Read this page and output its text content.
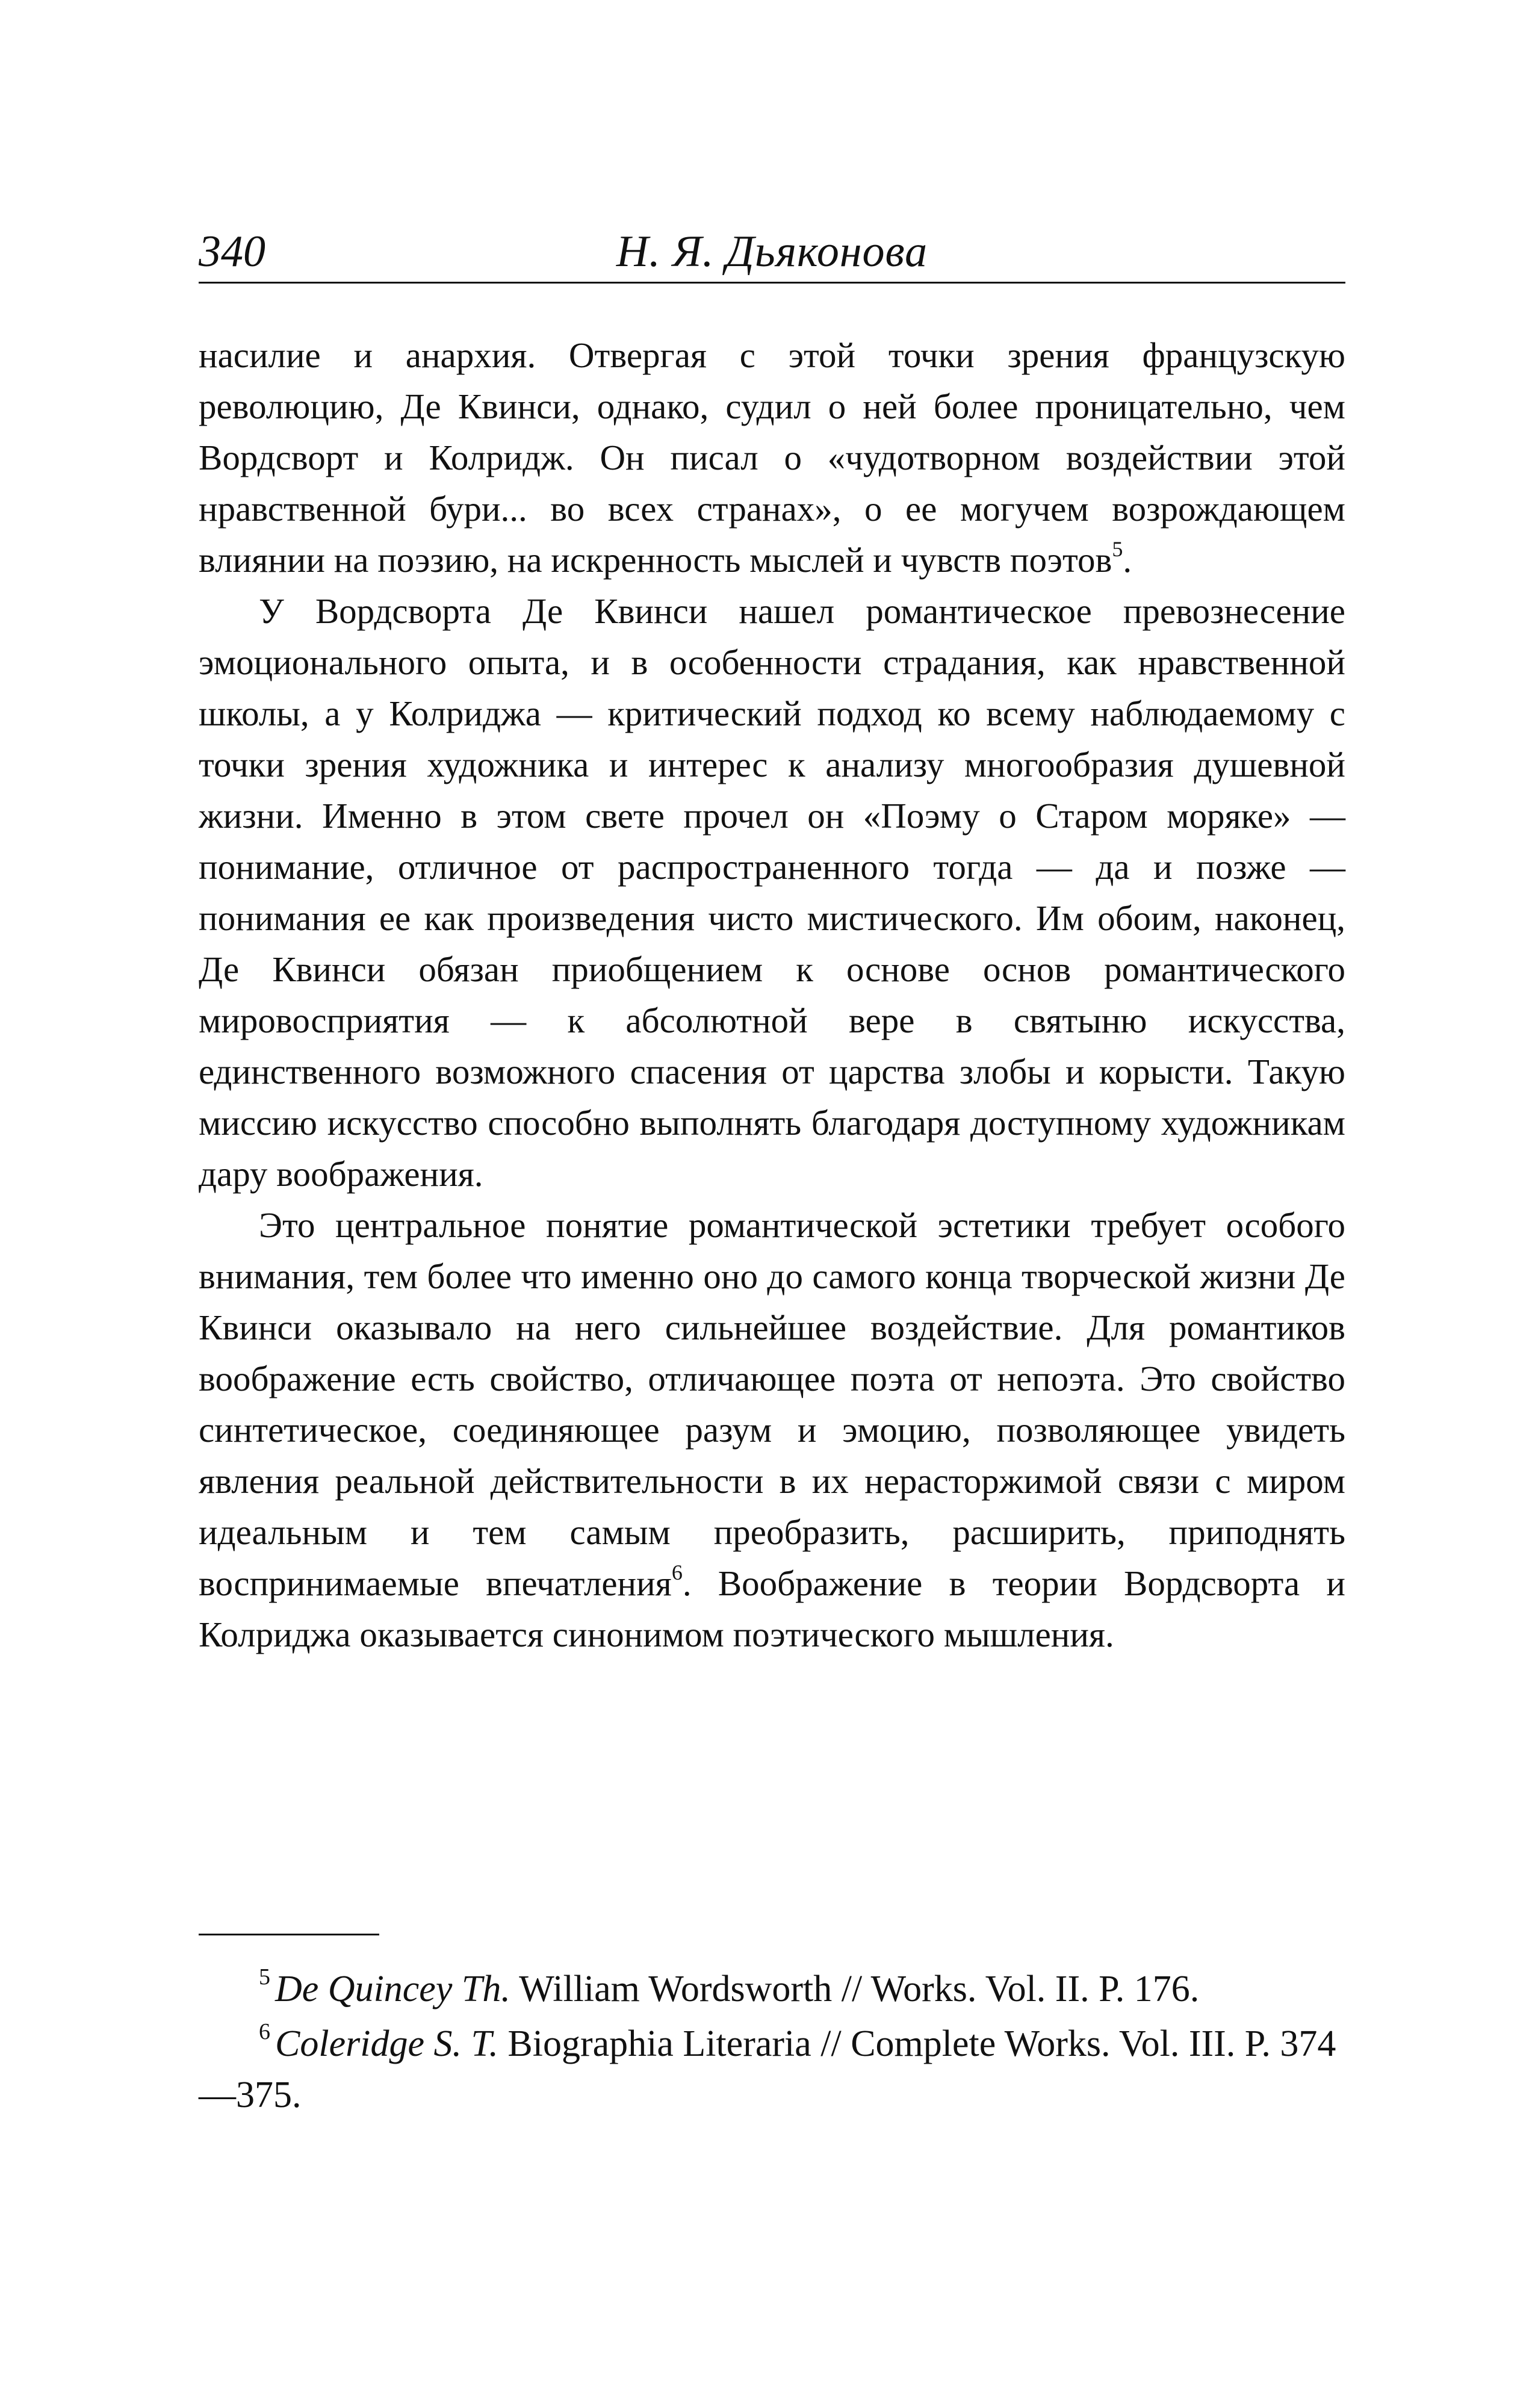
340	Н. Я. Дьяконова

насилие и анархия. Отвергая с этой точки зрения французскую революцию, Де Квинси, однако, судил о ней более проницательно, чем Вордсворт и Колридж. Он писал о «чудотворном воздействии этой нравственной бури... во всех странах», о ее могучем возрождающем влиянии на поэзию, на искренность мыслей и чувств поэтов$^5$.

У Вордсворта Де Квинси нашел романтическое превознесение эмоционального опыта, и в особенности страдания, как нравственной школы, а у Колриджа — критический подход ко всему наблюдаемому с точки зрения художника и интерес к анализу многообразия душевной жизни. Именно в этом свете прочел он «Поэму о Старом моряке» — понимание, отличное от распространенного тогда — да и позже — понимания ее как произведения чисто мистического. Им обоим, наконец, Де Квинси обязан приобщением к основе основ романтического мировосприятия — к абсолютной вере в святыню искусства, единственного возможного спасения от царства злобы и корысти. Такую миссию искусство способно выполнять благодаря доступному художникам дару воображения.

Это центральное понятие романтической эстетики требует особого внимания, тем более что именно оно до самого конца творческой жизни Де Квинси оказывало на него сильнейшее воздействие. Для романтиков воображение есть свойство, отличающее поэта от непоэта. Это свойство синтетическое, соединяющее разум и эмоцию, позволяющее увидеть явления реальной действительности в их нерасторжимой связи с миром идеальным и тем самым преобразить, расширить, приподнять воспринимаемые впечатления$^6$. Воображение в теории Вордсворта и Колриджа оказывается синонимом поэтического мышления.

$^5$ De Quincey Th. William Wordsworth // Works. Vol. II. P. 176.

$^6$ Coleridge S. T. Biographia Literaria // Complete Works. Vol. III. P. 374—375.
